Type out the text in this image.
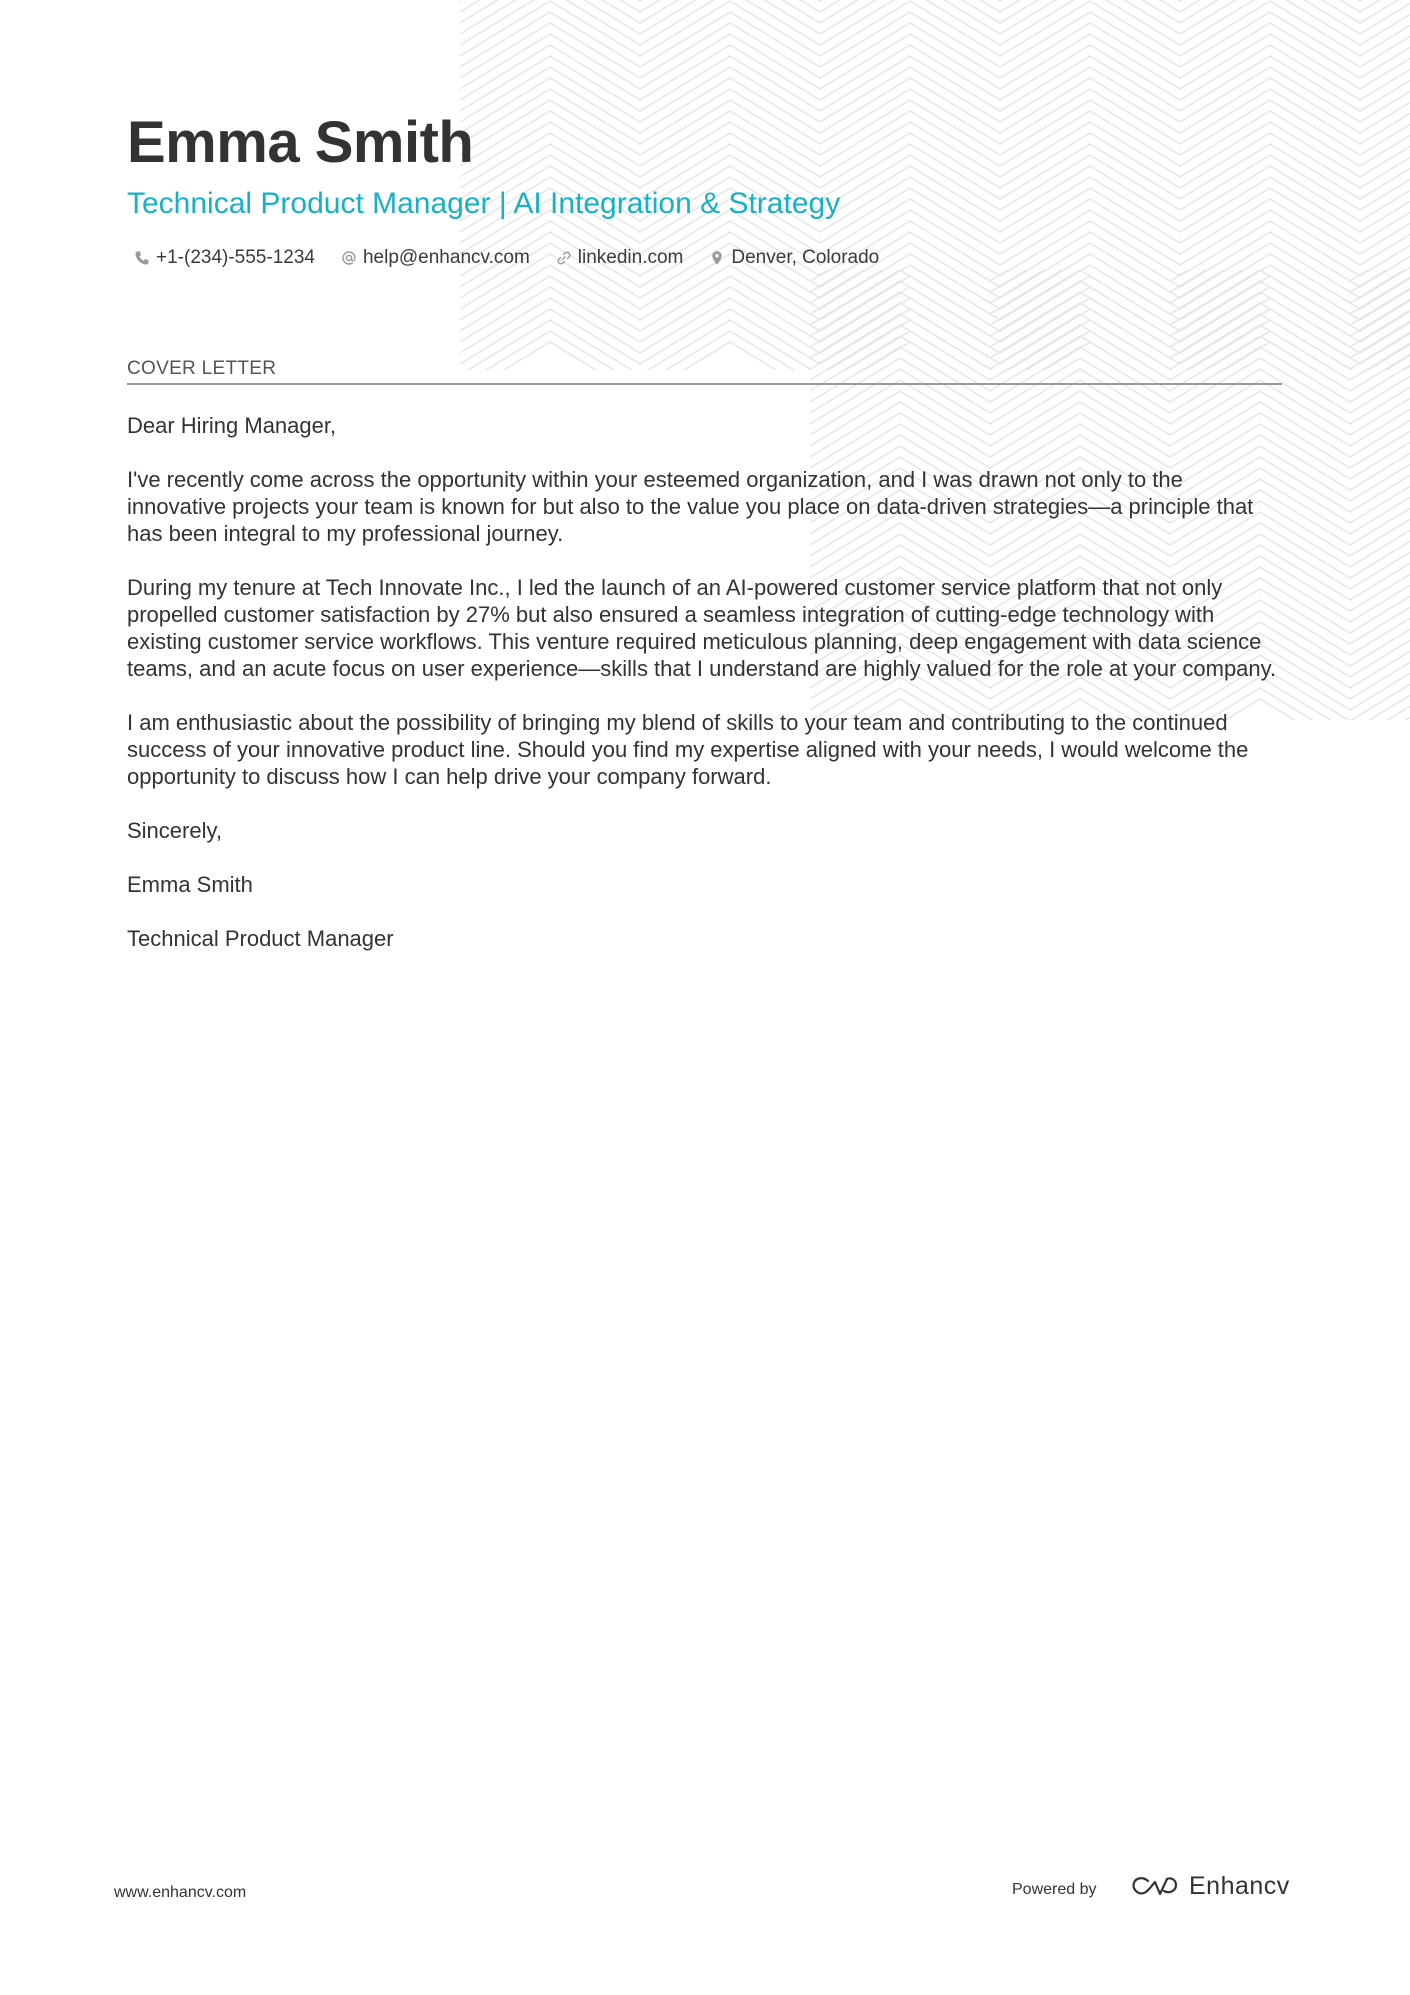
Emma Smith
Technical Product Manager | AI Integration & Strategy
+1-(234)-555-1234	help@enhancv.com	linkedin.com	Denver, Colorado
COVER LETTER

Dear Hiring Manager,

I've recently come across the opportunity within your esteemed organization, and I was drawn not only to the innovative projects your team is known for but also to the value you place on data-driven strategies—a principle that has been integral to my professional journey.

During my tenure at Tech Innovate Inc., I led the launch of an AI-powered customer service platform that not only propelled customer satisfaction by 27% but also ensured a seamless integration of cutting-edge technology with existing customer service workflows. This venture required meticulous planning, deep engagement with data science teams, and an acute focus on user experience—skills that I understand are highly valued for the role at your company.

I am enthusiastic about the possibility of bringing my blend of skills to your team and contributing to the continued success of your innovative product line. Should you find my expertise aligned with your needs, I would welcome the opportunity to discuss how I can help drive your company forward.

Sincerely,

Emma Smith

Technical Product Manager

www.enhancv.com	Powered by	Enhancv
